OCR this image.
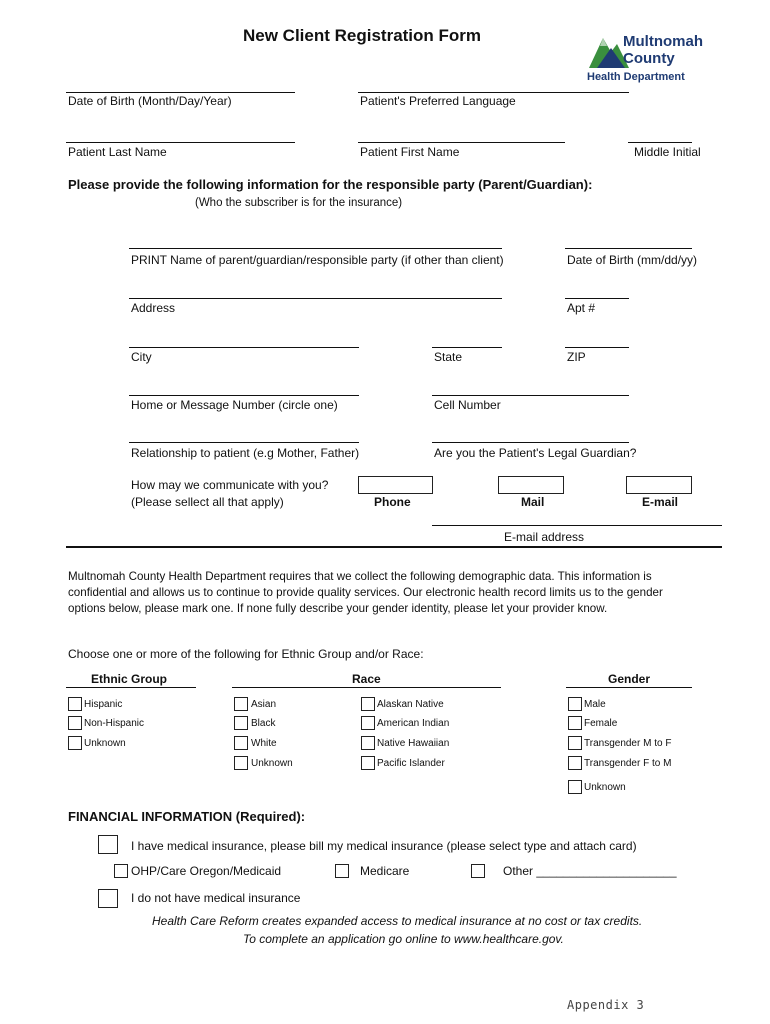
New Client Registration Form	Multnomah
County
Health Department
Date of Birth (Month/Day/Year)	Patient's Preferred Language
Patient Last Name	Patient First Name	Middle Initial
Please provide the following information for the responsible party (Parent/Guardian):
(Who the subscriber is for the insurance)
PRINT Name of parent/guardian/responsible party (if other than client)	Date of Birth (mm/dd/yy)
Address	Apt #
City	State	ZIP
Home or Message Number (circle one)	Cell Number
Relationship to patient (e.g Mother, Father)	Are you the Patient's Legal Guardian?
How may we communicate with you?
(Please sellect all that apply)	Phone	Mail	E-mail
E-mail address
Multnomah County Health Department requires that we collect the following demographic data. This information is confidential and allows us to continue to provide quality services. Our electronic health record limits us to the gender options below, please mark one. If none fully describe your gender identity, please let your provider know.
Choose one or more of the following for Ethnic Group and/or Race:
Ethnic Group	Race	Gender
Hispanic
Non-Hispanic
Unknown
Asian
Black
White
Unknown
Alaskan Native
American Indian
Native Hawaiian
Pacific Islander
Male
Female
Transgender M to F
Transgender F to M
Unknown
FINANCIAL INFORMATION (Required):
I have medical insurance, please bill my medical insurance (please select type and attach card)
OHP/Care Oregon/Medicaid	Medicare	Other _____________________
I do not have medical insurance
Health Care Reform creates expanded access to medical insurance at no cost or tax credits.
To complete an application go online to www.healthcare.gov.
Appendix 3
